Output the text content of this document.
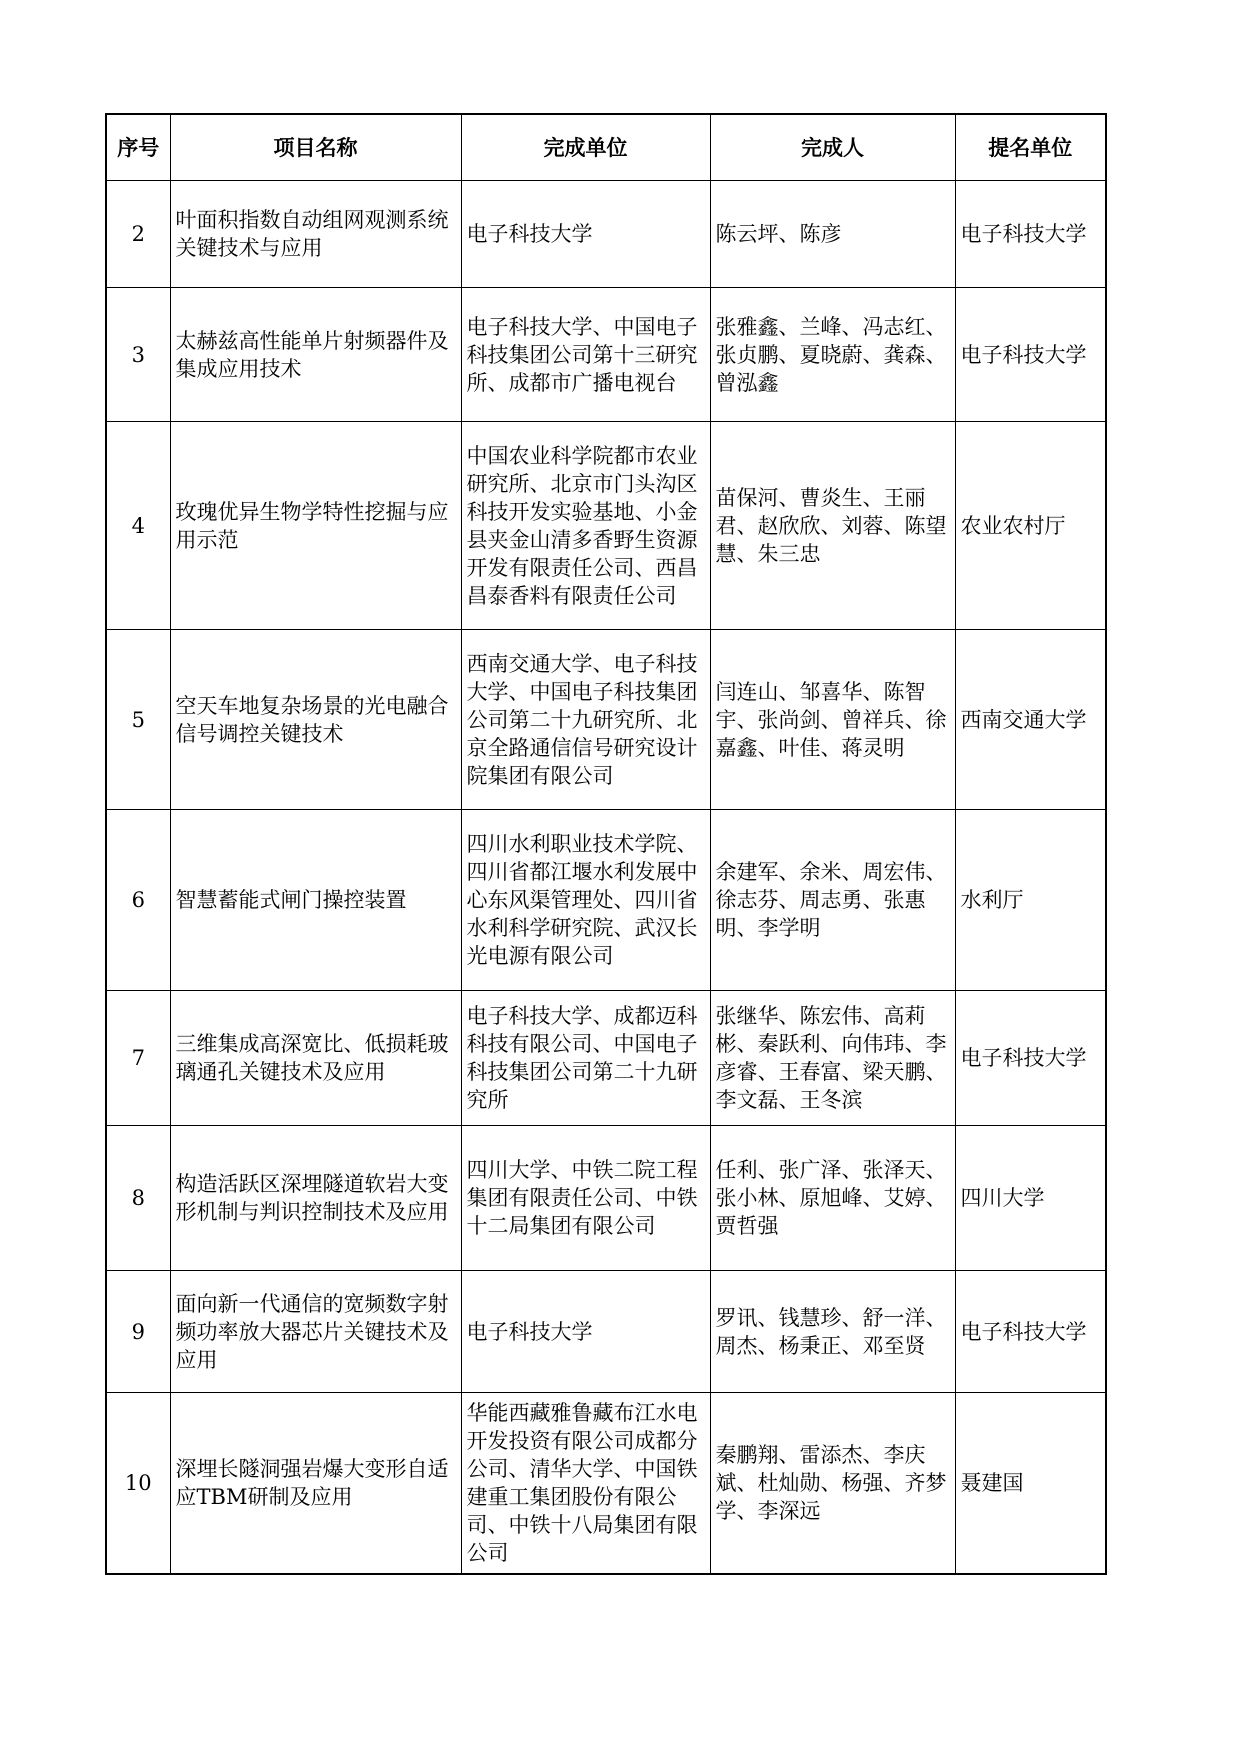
序号	项目名称	完成单位	完成人	提名单位
2	叶面积指数自动组网观测系统关键技术与应用	电子科技大学	陈云坪、陈彦	电子科技大学
3	太赫兹高性能单片射频器件及集成应用技术	电子科技大学、中国电子科技集团公司第十三研究所、成都市广播电视台	张雅鑫、兰峰、冯志红、张贞鹏、夏晓蔚、龚森、曾泓鑫	电子科技大学
4	玫瑰优异生物学特性挖掘与应用示范	中国农业科学院都市农业研究所、北京市门头沟区科技开发实验基地、小金县夹金山清多香野生资源开发有限责任公司、西昌昌泰香料有限责任公司	苗保河、曹炎生、王丽君、赵欣欣、刘蓉、陈望慧、朱三忠	农业农村厅
5	空天车地复杂场景的光电融合信号调控关键技术	西南交通大学、电子科技大学、中国电子科技集团公司第二十九研究所、北京全路通信信号研究设计院集团有限公司	闫连山、邹喜华、陈智宇、张尚剑、曾祥兵、徐嘉鑫、叶佳、蒋灵明	西南交通大学
6	智慧蓄能式闸门操控装置	四川水利职业技术学院、四川省都江堰水利发展中心东风渠管理处、四川省水利科学研究院、武汉长光电源有限公司	余建军、余米、周宏伟、徐志芬、周志勇、张惠明、李学明	水利厅
7	三维集成高深宽比、低损耗玻璃通孔关键技术及应用	电子科技大学、成都迈科科技有限公司、中国电子科技集团公司第二十九研究所	张继华、陈宏伟、高莉彬、秦跃利、向伟玮、李彦睿、王春富、梁天鹏、李文磊、王冬滨	电子科技大学
8	构造活跃区深埋隧道软岩大变形机制与判识控制技术及应用	四川大学、中铁二院工程集团有限责任公司、中铁十二局集团有限公司	任利、张广泽、张泽天、张小林、原旭峰、艾婷、贾哲强	四川大学
9	面向新一代通信的宽频数字射频功率放大器芯片关键技术及应用	电子科技大学	罗讯、钱慧珍、舒一洋、周杰、杨秉正、邓至贤	电子科技大学
10	深埋长隧洞强岩爆大变形自适应TBM研制及应用	华能西藏雅鲁藏布江水电开发投资有限公司成都分公司、清华大学、中国铁建重工集团股份有限公司、中铁十八局集团有限公司	秦鹏翔、雷添杰、李庆斌、杜灿勋、杨强、齐梦学、李深远	聂建国
